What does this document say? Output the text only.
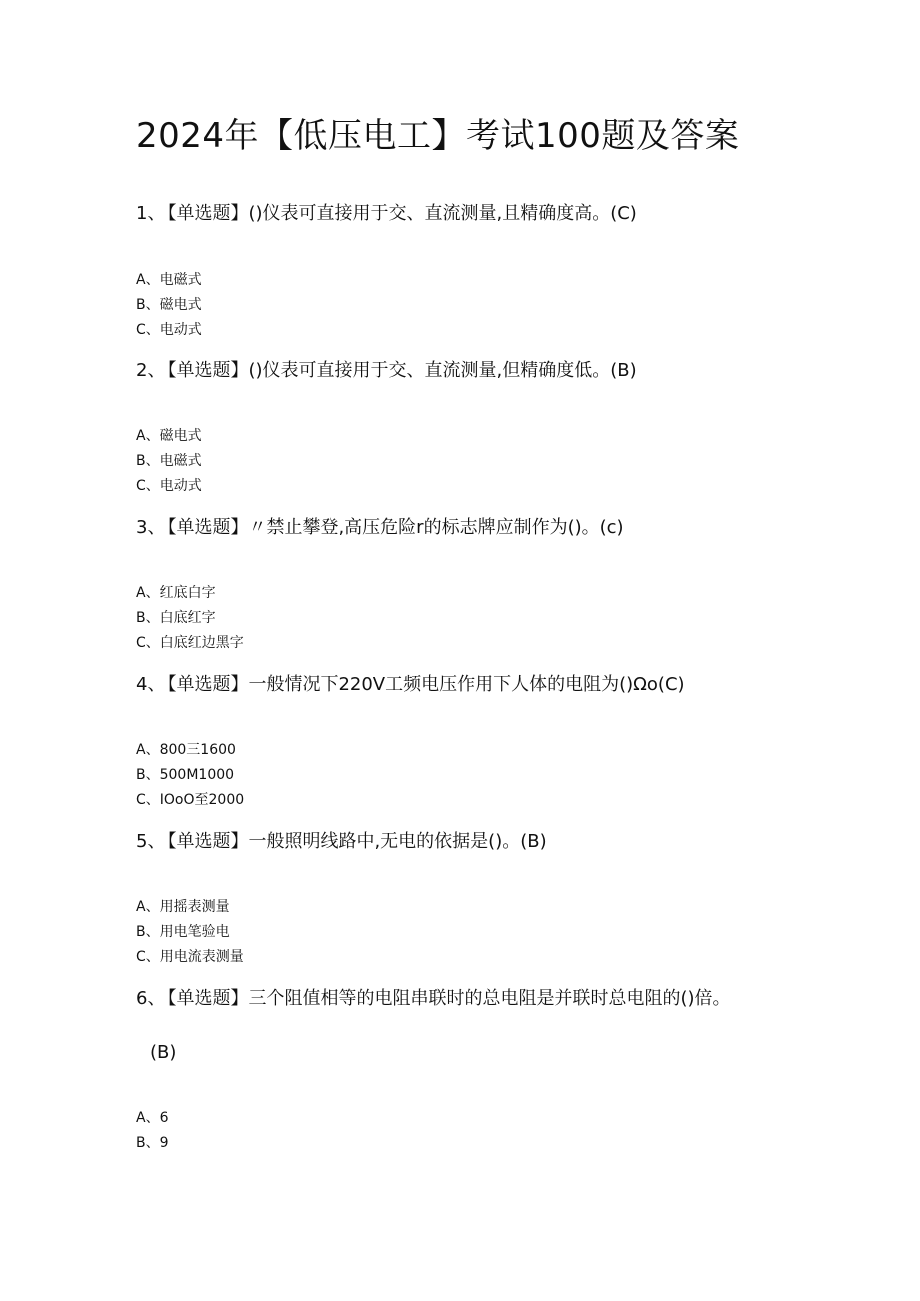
2024年【低压电工】考试100题及答案

1、 【单选题】()仪表可直接用于交、直流测量,且精确度高。(C)

A、电磁式
B、磁电式
C、电动式

2、 【单选题】()仪表可直接用于交、直流测量,但精确度低。(B)

A、磁电式
B、电磁式
C、电动式

3、 【单选题】〃禁止攀登,高压危险r的标志牌应制作为()。(c)

A、红底白字
B、白底红字
C、白底红边黑字

4、 【单选题】一般情况下220V工频电压作用下人体的电阻为()Ωo(C)

A、800三1600
B、500M1000
C、IOoO至2000

5、 【单选题】一般照明线路中,无电的依据是()。(B)

A、用摇表测量
B、用电笔验电
C、用电流表测量

6、 【单选题】三个阻值相等的电阻串联时的总电阻是并联时总电阻的()倍。

(B)
A、6
B、9
